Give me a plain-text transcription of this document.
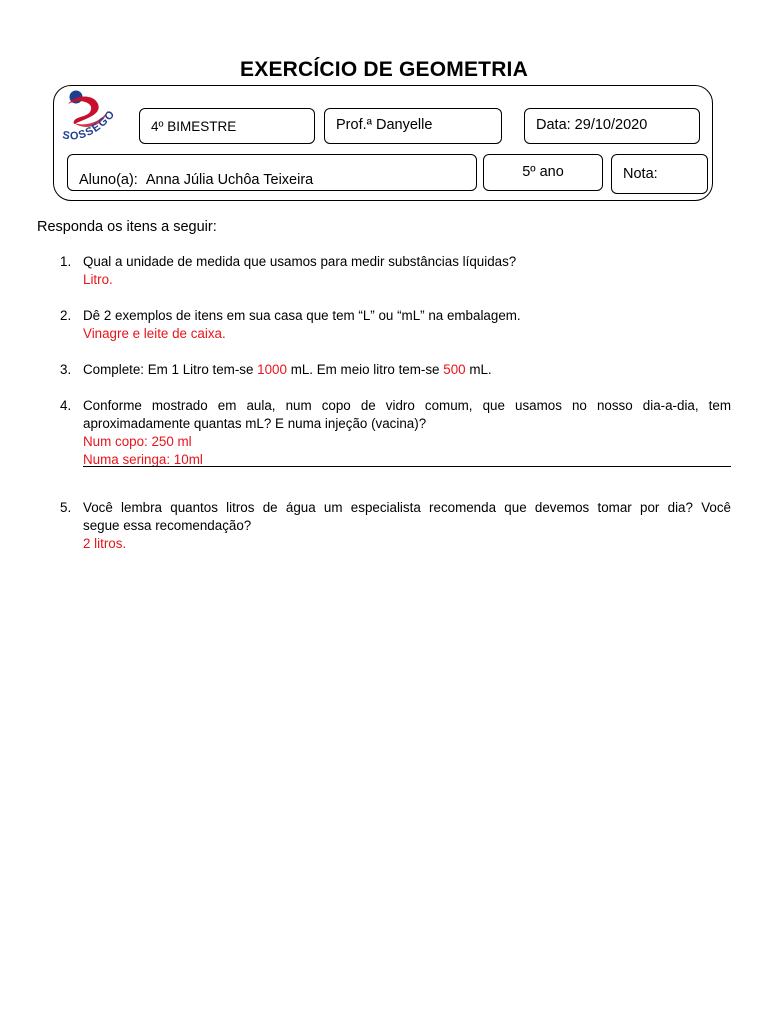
EXERCÍCIO DE GEOMETRIA
SOSSEGO
4º BIMESTRE	Prof.ª Danyelle	Data: 29/10/2020
Aluno(a): Anna Júlia Uchôa Teixeira	5º ano	Nota:
Responda os itens a seguir:
1. Qual a unidade de medida que usamos para medir substâncias líquidas?
Litro.
2. Dê 2 exemplos de itens em sua casa que tem “L” ou “mL” na embalagem.
Vinagre e leite de caixa.
3. Complete: Em 1 Litro tem-se 1000 mL. Em meio litro tem-se 500 mL.
4. Conforme mostrado em aula, num copo de vidro comum, que usamos no nosso dia-a-dia, tem
aproximadamente quantas mL? E numa injeção (vacina)?
Num copo: 250 ml
Numa seringa: 10ml
5. Você lembra quantos litros de água um especialista recomenda que devemos tomar por dia? Você
segue essa recomendação?
2 litros.
